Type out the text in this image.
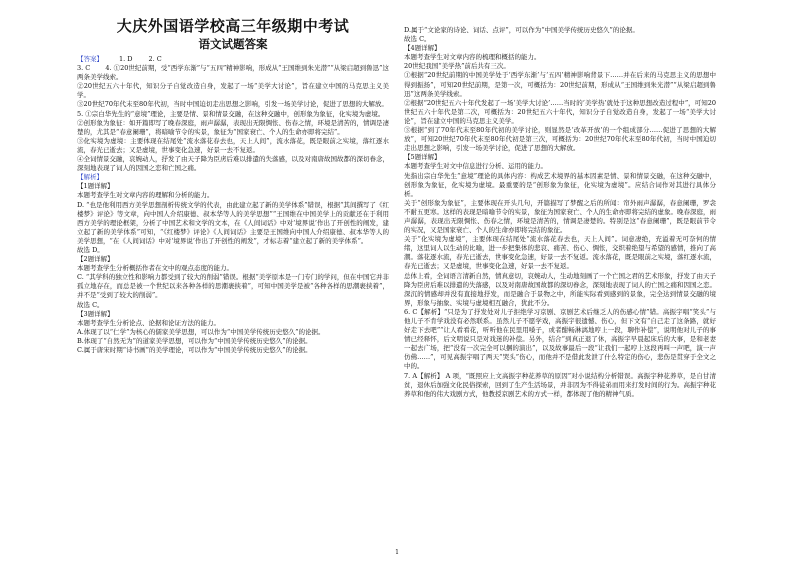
大庆外国语学校高三年级期中考试
语文试题答案
【答案】 1. D 2. C

3. C　　 4. ①20世纪前期，受“西学东渐”与“五四”精神影响，形成从“王国维到朱光潜”“从梁启超到鲁迅”这两条美学线索。

②20世纪五六十年代，知识分子自觉改造自身，发起了一场“美学大讨论”，旨在建立中国的马克思主义美学。

③20世纪70年代末至80年代初，当时中国迫切走出思想之影响，引发一场美学讨论，促进了思想的大解放。

5. ①宗白华先生的“意境”理论，主要是情、景和情景交融，在这种交融中，创形象为象征，化实境为虚境。

②创形象为象征：如开篇即写了晚春深庭，雨声潺潺，表现出无限惆怅、伤春之情，环境是清苦的，情调是凄楚的，尤其是“春意阑珊”，将暗喻节令的实景，象征为“国家衰亡、个人的生命亦即将完结”。

③化实境为虚境：主要体现在结尾处“流水落花春去也，天上人间”，流水落花，既是眼前之实境，落红逐水流，春光已逝去；又是虚境，世事变化急速，好景一去不复返。

④全词情景交融，哀婉动人，抒发了由天子降为臣虏后难以排遣的失落感，以及对南唐故国故都的深切眷念，深刻地表现了词人的因国之恋和亡国之痛。

【解析】

【1题详解】

本题考查学生对文章内容的理解和分析的能力。

D. “也是他利用西方美学思想剖析传统文学的代表，由此建立起了新的美学体系”错误，根据“其间撰写了《红楼梦》评论》等文章，向中国人介绍康德、叔本华等人的美学思想”“王国维在中国美学上的贡献还在于利用西方美学的理论框架，分析了中国艺术和文学的文本，在《人间词话》中对‘境界说’作出了开创性的阐发，建立起了新的美学体系”可知，“《红楼梦》评论》《人间词话》主要是王国维向中国人介绍康德、叔本华等人的美学思想，“在《人间词话》中对‘境界说’作出了开创性的阐发”，才标志着“建立起了新的美学体系”。

故选 D。

【2题详解】

本题考查学生分析概括作者在文中的观点态度的能力。

C. “其学科的独立性和影响力都受到了较大的削弱”错误。根据“美学原本是一门专门的学问，但在中国它并非孤立地存在，而总是被一个世纪以来各种各样的思潮裹挟着”，可知中国美学是被“各种各样的思潮裹挟着”，并不是“受到了较大的削弱”。

故选 C。

【3题详解】

本题考查学生分析论点、论据和论证方法的能力。

A.体现了以“仁学”为核心的儒家美学思想，可以作为“中国美学传统历史悠久”的论据。

B.体现了“自然无为”的道家美学思想，可以作为“中国美学传统历史悠久”的论据。

C.属于唐宋时期“诗书画”的美学理论，可以作为“中国美学传统历史悠久”的论据。

D.属于“文论家的诗论、词话、点评”，可以作为“中国美学传统历史悠久”的论据。

故选 C。

【4题详解】

本题考查学生对文章内容的梳理和概括的能力。

20世纪我国“美学热”前后共有三次。

①根据“20世纪前期的中国美学处于‘西学东渐’与‘五四’精神影响背景下……并在后来的马克思主义的思想中得到振扬”，可知20世纪前期，是第一次，可概括为：20世纪前期，形成从“王国维到朱光潜”“从梁启超到鲁迅”这两条美学线索。

②根据“20世纪五六十年代发起了一场‘美学大讨论’……当时的‘美学热’就处于这种思想改造过程中”，可知20世纪五六十年代是第二次，可概括为：20世纪五六十年代，知识分子自觉改造自身，发起了一场“美学大讨论”，旨在建立中国的马克思主义美学。

③根据“到了70年代末至80年代初的美学讨论，则显然是‘改革开放’的一个组成部分……促进了思想的大解放”，可知20世纪70年代末至80年代初是第三次，可概括为：20世纪70年代末至80年代初，当时中国迫切走出思想之影响，引发一场美学讨论，促进了思想的大解放。

【5题详解】

本题考查学生对文中信息进行分析、运用的能力。

先指出宗白华先生“意境”理论的具体内容：构成艺术境界的基本因素是情、景和情景交融，在这种交融中，创形象为象征，化实境为虚境。最重要的是“创形象为象征，化实境为虚境”。应结合词作对其进行具体分析。

关于“创形象为象征”，主要体现在开头几句，开篇描写了梦醒之后的所闻：帘外雨声潺潺，春意阑珊，罗衾不耐五更寒。这样的表现是暗喻节令的实景，象征为国家衰亡、个人的生命亦即将完结的虚象。晚春深庭，雨声潺潺，表现出无限惆怅、伤春之情，环境是清苦的，情调是凄楚的。特别是这“春意阑珊”，既是眼前节令的实况，又是国家衰亡、个人的生命亦即将完结的象征。

关于“化实境为虚境”，主要体现在结尾处“流水落花春去也，天上人间”。词意凄绝，充溢着无可奈何的情绪，这里词人以生动的比喻，进一步把集体的悲哀、痛苦、伤心、惆怅，交织着绝望与希望的感情，推向了高潮。落花逐水流，春光已逝去，世事变化急速，好景一去不复返。流水落花，既是眼前之实境，落红逐水流，春光已逝去；又是虚境，世事变化急速，好景一去不复返。

总体上看，全词语言清新自然，情真意切，哀婉动人，生动地刻画了一个亡国之君的艺术形象，抒发了由天子降为臣虏后难以排遣的失落感，以及对南唐故国故都的深切眷念，深刻地表现了词人的亡国之痛和因国之恋。深沉的情感却并没有直接地抒发，而是融合于景物之中，所能实际看到感到的景象，完全达到情景交融的境界，形象与抽象、实境与虚境相互融合，犹此不分。

6. C【解析】“只是为了抒发处对儿子拒绝学习京剧、京剧艺术后继乏人的伤感心情”错。高振宇唱“笑头”与他儿子不肯学戏没有必然联系。虽然儿子不愿学戏，高振宇很遗憾、伤心，但下文有“自己走了这条路，就好好走下去吧”“让人看看花，听听他在民里用嗓子，或者酣畅淋漓地哼上一段，聊作补偿”，说明他对儿子的事情已经释怀，后文明说只是对戏迷的补偿。另外，结合“到真正退了休，高振宇早晨起床后的大事，是和老妻一起去广场，把“没有一次完全可以捆的演出”，以及故事最后一段“让我们一起哼上这段再叫一声吧，演一声仿佛……”，可见高振宇唱了两天“哭头”伤心，而他并不是借此发泄了什么特定的伤心，悲伤是贯穿于全文之中的。

7. A【解析】 A 项，“既照应上文高振宇种花养草的原因”对小说结构分析错误。高振宇种花养草，是自甘清贫，退休后加强文化民俗探索，回到了生产生活场景，并非因为不得徒弟而用来打发时间的行为。高振宇种花养草和他的伟大戏剧方式，他教授京剧艺术的方式一样，都体现了他的精神气质。

1
